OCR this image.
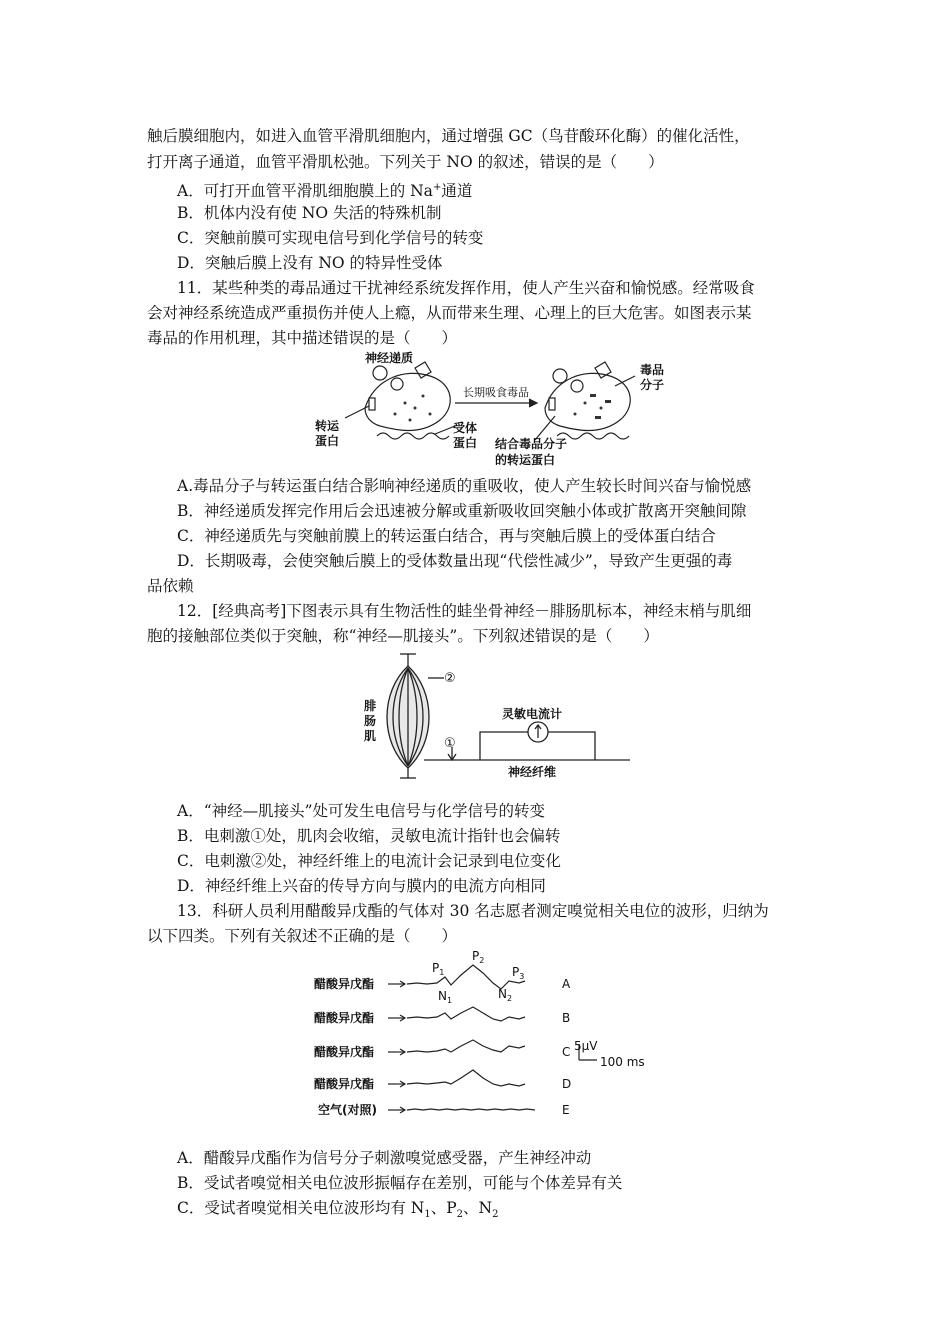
触后膜细胞内，如进入血管平滑肌细胞内，通过增强 GC（鸟苷酸环化酶）的催化活性，
打开离子通道，血管平滑肌松弛。下列关于 NO 的叙述，错误的是（　　）
A．可打开血管平滑肌细胞膜上的 Na+通道
B．机体内没有使 NO 失活的特殊机制
C．突触前膜可实现电信号到化学信号的转变
D．突触后膜上没有 NO 的特异性受体
11．某些种类的毒品通过干扰神经系统发挥作用，使人产生兴奋和愉悦感。经常吸食
会对神经系统造成严重损伤并使人上瘾，从而带来生理、心理上的巨大危害。如图表示某
毒品的作用机理，其中描述错误的是（　　）
神经递质
转运
蛋白
受体
蛋白
长期吸食毒品
毒品
分子
结合毒品分子
的转运蛋白
A.毒品分子与转运蛋白结合影响神经递质的重吸收，使人产生较长时间兴奋与愉悦感
B．神经递质发挥完作用后会迅速被分解或重新吸收回突触小体或扩散离开突触间隙
C．神经递质先与突触前膜上的转运蛋白结合，再与突触后膜上的受体蛋白结合
D．长期吸毒，会使突触后膜上的受体数量出现“代偿性减少”，导致产生更强的毒
品依赖
12．[经典高考]下图表示具有生物活性的蛙坐骨神经－腓肠肌标本，神经末梢与肌细
胞的接触部位类似于突触，称“神经—肌接头”。下列叙述错误的是（　　）
腓
肠
肌
②
①
灵敏电流计
神经纤维
A．“神经—肌接头”处可发生电信号与化学信号的转变
B．电刺激①处，肌肉会收缩，灵敏电流计指针也会偏转
C．电刺激②处，神经纤维上的电流计会记录到电位变化
D．神经纤维上兴奋的传导方向与膜内的电流方向相同
13．科研人员利用醋酸异戊酯的气体对 30 名志愿者测定嗅觉相关电位的波形，归纳为
以下四类。下列有关叙述不正确的是（　　）
醋酸异戊酯
醋酸异戊酯
醋酸异戊酯
醋酸异戊酯
空气(对照)
A
B
C
D
E
$P_1$
$P_2$
$P_3$
$N_1$	$N_2$
5μV
100 ms
A．醋酸异戊酯作为信号分子刺激嗅觉感受器，产生神经冲动
B．受试者嗅觉相关电位波形振幅存在差别，可能与个体差异有关
C．受试者嗅觉相关电位波形均有 $N_1$、$P_2$、$N_2$
